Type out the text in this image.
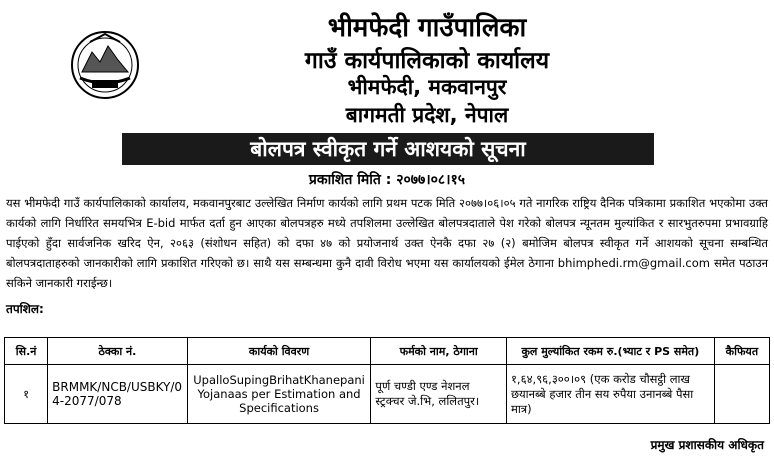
भीमफेदी गाउँपालिका
गाउँ कार्यपालिकाको कार्यालय
भीमफेदी, मकवानपुर
बागमती प्रदेश, नेपाल
बोलपत्र स्वीकृत गर्ने आशयको सूचना
प्रकाशित मिति : २०७७।०८।१५
यस भीमफेदी गाउँ कार्यपालिकाको कार्यालय, मकवानपुरबाट उल्लेखित निर्माण कार्यको लागि प्रथम पटक मिति २०७७।०६।०५ गते नागरिक राष्ट्रिय दैनिक पत्रिकामा प्रकाशित भएकोमा उक्त कार्यको लागि निर्धारित समयभित्र E-bid मार्फत दर्ता हुन आएका बोलपत्रहरु मध्ये तपशिलमा उल्लेखित बोलपत्रदाताले पेश गरेको बोलपत्र न्यूनतम मुल्यांकित र सारभुतरुपमा प्रभावग्राहि पाईएको हुँदा सार्वजनिक खरिद ऐन, २०६३ (संशोधन सहित) को दफा ४७ को प्रयोजनार्थ उक्त ऐनकै दफा २७ (२) बमोजिम बोलपत्र स्वीकृत गर्ने आशयको सूचना सम्बन्धित बोलपत्रदाताहरुको जानकारीको लागि प्रकाशित गरिएको छ। साथै यस सम्बन्धमा कुनै दावी विरोध भएमा यस कार्यालयको ईमेल ठेगाना bhimphedi.rm@gmail.com समेत पठाउन सकिने जानकारी गराईन्छ।
तपशिल:
सि.नं	ठेक्का नं.	कार्यको विवरण	फर्मको नाम, ठेगाना	कुल मुल्यांकित रकम रु.(भ्याट र PS समेत)	कैफियत
१	BRMMK/NCB/USBKY/04-2077/078	UpalloSupingBrihatKhanepani Yojanaas per Estimation and Specifications	पूर्ण चण्डी एण्ड नेशनल स्ट्रक्चर जे.भि, ललितपुर।	१,६४,९६,३००।०९ (एक करोड चौसट्ठी लाख छयानब्बे हजार तीन सय रुपैया उनानब्बे पैसा मात्र)	
प्रमुख प्रशासकीय अधिकृत
